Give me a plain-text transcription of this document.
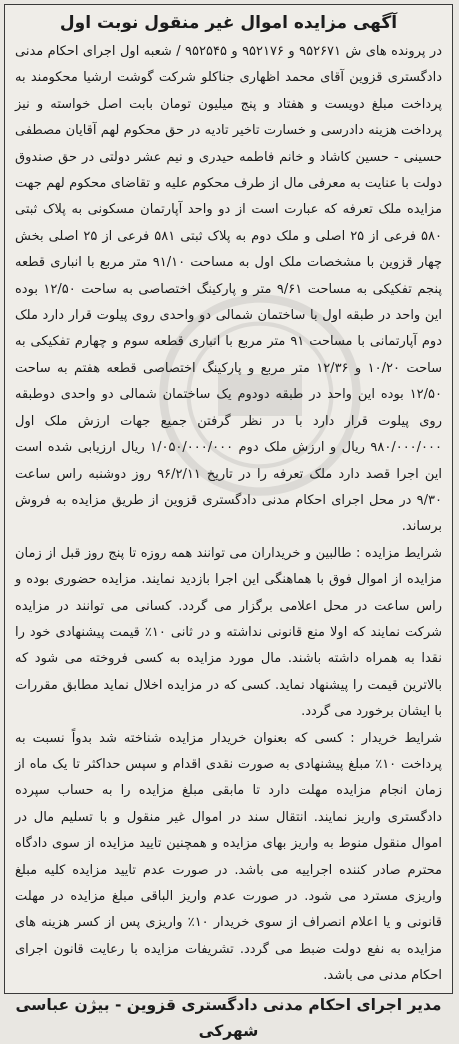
آگهی مزایده اموال غیر منقول نوبت اول

در پرونده های ش ۹۵۲۶۷۱ و ۹۵۲۱۷۶ و ۹۵۲۵۴۵ / شعبه اول اجرای احکام مدنی دادگستری قزوین آقای محمد اظهاری جناکلو شرکت گوشت ارشیا محکومند به پرداخت مبلغ دویست و هفتاد و پنج میلیون تومان بابت اصل خواسته و نیز پرداخت هزینه دادرسی و خسارت تاخیر تادیه در حق محکوم لهم آقایان مصطفی حسینی - حسین کاشاد و خانم فاطمه حیدری و نیم عشر دولتی در حق صندوق دولت با عنایت به معرفی مال از طرف محکوم علیه و تقاضای محکوم لهم جهت مزایده ملک تعرفه که عبارت است از دو واحد آپارتمان مسکونی به پلاک ثبتی ۵۸۰ فرعی از ۲۵ اصلی و ملک دوم به پلاک ثبتی ۵۸۱ فرعی از ۲۵ اصلی بخش چهار قزوین با مشخصات ملک اول به مساحت ۹۱/۱۰ متر مربع با انباری قطعه پنجم تفکیکی به مساحت ۹/۶۱ متر و پارکینگ اختصاصی به ساحت ۱۲/۵۰ بوده این واحد در طبقه اول با ساختمان شمالی دو واحدی روی پیلوت قرار دارد ملک دوم آپارتمانی با مساحت ۹۱ متر مربع با انباری قطعه سوم و چهارم تفکیکی به ساحت ۱۰/۲۰ و ۱۲/۳۶ متر مربع و پارکینگ اختصاصی قطعه هفتم به ساحت ۱۲/۵۰ بوده این واحد در طبقه دودوم یک ساختمان شمالی دو واحدی دوطبقه روی پیلوت قرار دارد با در نظر گرفتن جمیع جهات ارزش ملک اول ۹۸۰/۰۰۰/۰۰۰ ریال و ارزش ملک دوم ۱/۰۵۰/۰۰۰/۰۰۰ ریال ارزیابی شده است این اجرا قصد دارد ملک تعرفه را در تاریخ ۹۶/۲/۱۱ روز دوشنبه راس ساعت ۹/۳۰ در محل اجرای احکام مدنی دادگستری قزوین از طریق مزایده به فروش برساند.

شرایط مزایده : طالبین و خریداران می توانند همه روزه تا پنج روز قبل از زمان مزایده از اموال فوق با هماهنگی این اجرا بازدید نمایند. مزایده حضوری بوده و راس ساعت در محل اعلامی برگزار می گردد. کسانی می توانند در مزایده شرکت نمایند که اولا منع قانونی نداشته و در ثانی ۱۰٪ قیمت پیشنهادی خود را نقدا به همراه داشته باشند. مال مورد مزایده به کسی فروخته می شود که بالاترین قیمت را پیشنهاد نماید. کسی که در مزایده اخلال نماید مطابق مقررات با ایشان برخورد می گردد.

شرایط خریدار : کسی که بعنوان خریدار مزایده شناخته شد بدواً نسبت به پرداخت ۱۰٪ مبلغ پیشنهادی به صورت نقدی اقدام و سپس حداکثر تا یک ماه از زمان انجام مزایده مهلت دارد تا مابقی مبلغ مزایده را به حساب سپرده دادگستری واریز نمایند. انتقال سند در اموال غیر منقول و با تسلیم مال در اموال منقول منوط به واریز بهای مزایده و همچنین تایید مزایده از سوی دادگاه محترم صادر کننده اجراییه می باشد. در صورت عدم تایید مزایده کلیه مبلغ واریزی مسترد می شود. در صورت عدم واریز الباقی مبلغ مزایده در مهلت قانونی و یا اعلام انصراف از سوی خریدار ۱۰٪ واریزی پس از کسر هزینه های مزایده به نفع دولت ضبط می گردد. تشریفات مزایده با رعایت قانون اجرای احکام مدنی می باشد.

مدیر اجرای احکام مدنی دادگستری قزوین - بیژن عباسی شهرکی
